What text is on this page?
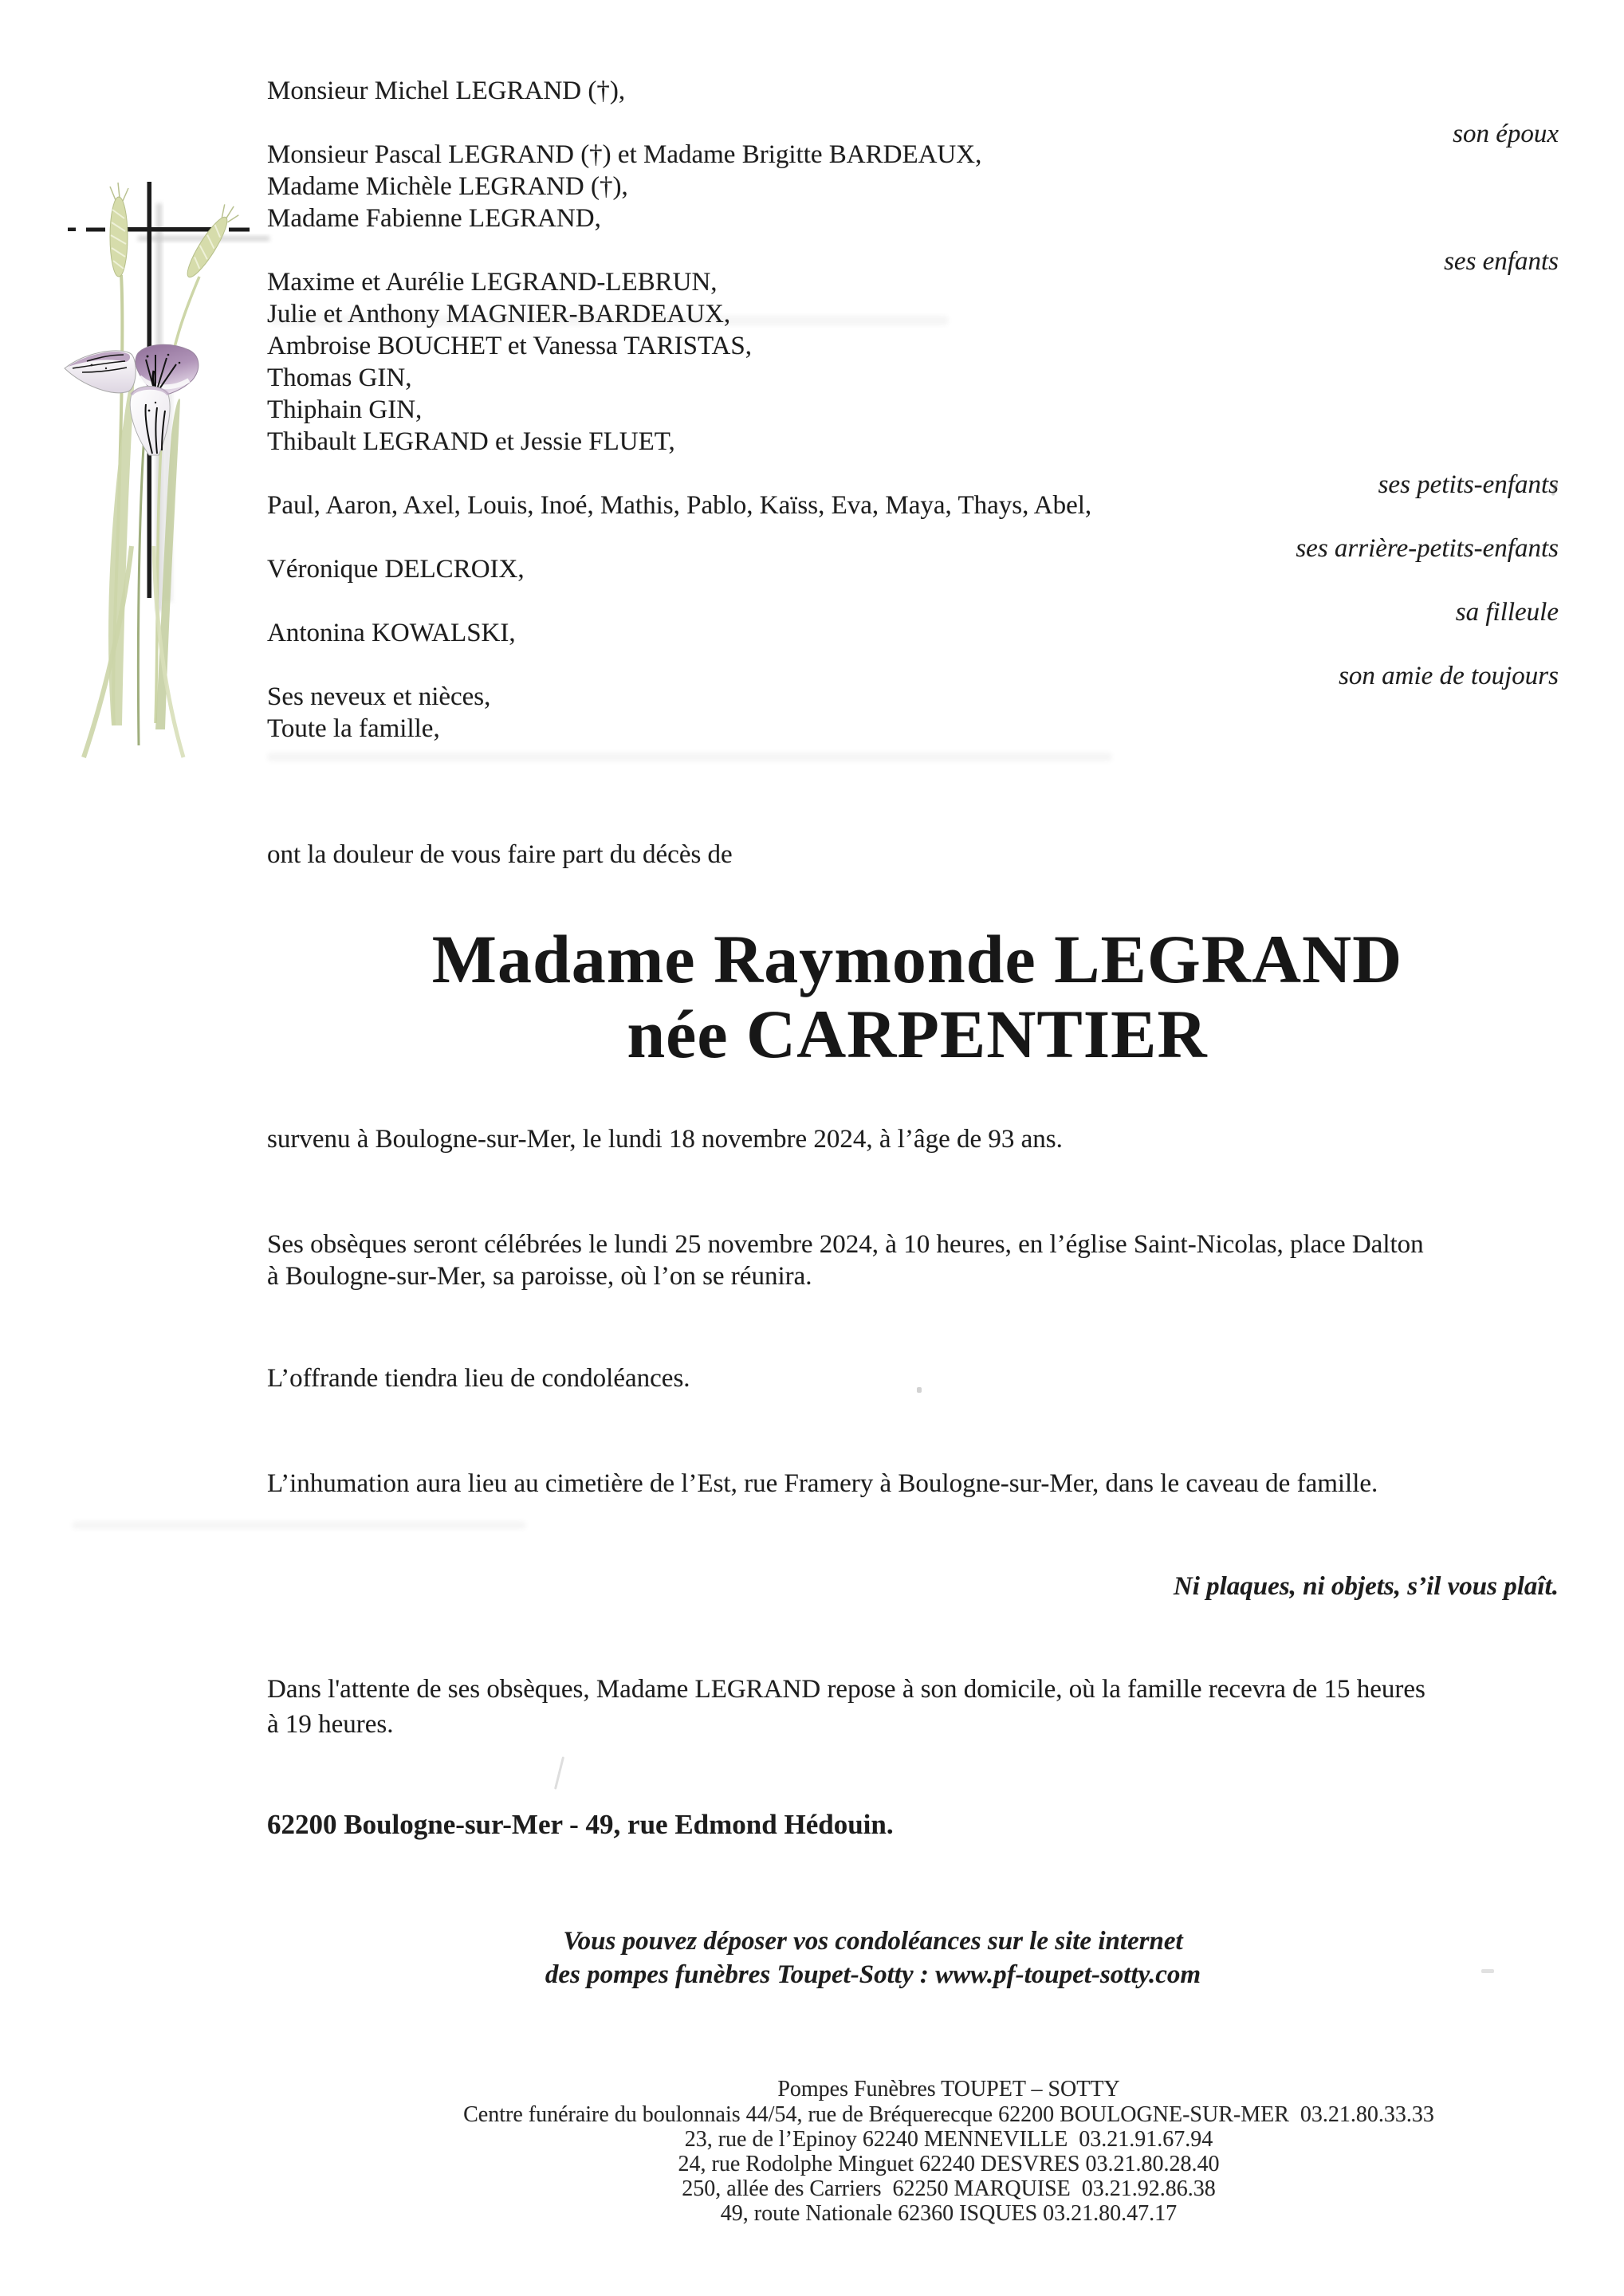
Monsieur Michel LEGRAND (†),
son époux
Monsieur Pascal LEGRAND (†) et Madame Brigitte BARDEAUX,
Madame Michèle LEGRAND (†),
Madame Fabienne LEGRAND,
ses enfants
Maxime et Aurélie LEGRAND-LEBRUN,
Julie et Anthony MAGNIER-BARDEAUX,
Ambroise BOUCHET et Vanessa TARISTAS,
Thomas GIN,
Thiphain GIN,
Thibault LEGRAND et Jessie FLUET,
ses petits-enfants
Paul, Aaron, Axel, Louis, Inoé, Mathis, Pablo, Kaïss, Eva, Maya, Thays, Abel,
ses arrière-petits-enfants
Véronique DELCROIX,
sa filleule
Antonina KOWALSKI,
son amie de toujours
Ses neveux et nièces,
Toute la famille,
ont la douleur de vous faire part du décès de
Madame Raymonde LEGRAND
née CARPENTIER
survenu à Boulogne-sur-Mer, le lundi 18 novembre 2024, à l’âge de 93 ans.
Ses obsèques seront célébrées le lundi 25 novembre 2024, à 10 heures, en l’église Saint-Nicolas, place Dalton
à Boulogne-sur-Mer, sa paroisse, où l’on se réunira.
L’offrande tiendra lieu de condoléances.
L’inhumation aura lieu au cimetière de l’Est, rue Framery à Boulogne-sur-Mer, dans le caveau de famille.
Ni plaques, ni objets, s’il vous plaît.
Dans l'attente de ses obsèques, Madame LEGRAND repose à son domicile, où la famille recevra de 15 heures
à 19 heures.
62200 Boulogne-sur-Mer - 49, rue Edmond Hédouin.
Vous pouvez déposer vos condoléances sur le site internet
des pompes funèbres Toupet-Sotty : www.pf-toupet-sotty.com
Pompes Funèbres TOUPET – SOTTY
Centre funéraire du boulonnais 44/54, rue de Bréquerecque 62200 BOULOGNE-SUR-MER  03.21.80.33.33
23, rue de l’Epinoy 62240 MENNEVILLE  03.21.91.67.94
24, rue Rodolphe Minguet 62240 DESVRES 03.21.80.28.40
250, allée des Carriers  62250 MARQUISE  03.21.92.86.38
49, route Nationale 62360 ISQUES 03.21.80.47.17
